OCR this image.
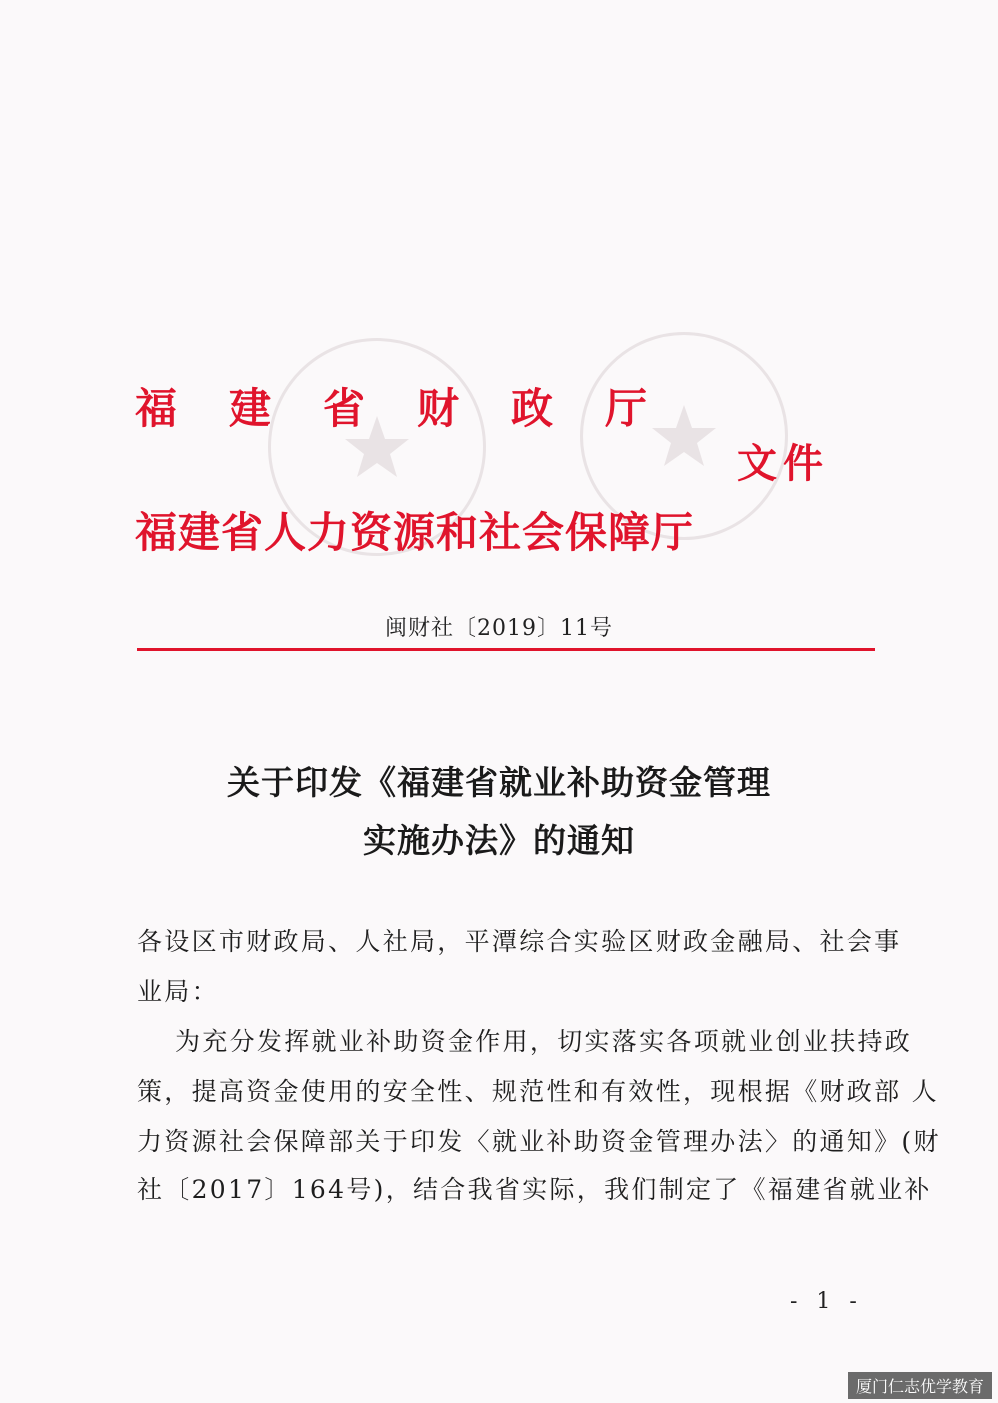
福建省财政厅
文件
福建省人力资源和社会保障厅
闽财社〔2019〕11号
关于印发《福建省就业补助资金管理
实施办法》的通知
各设区市财政局、人社局，平潭综合实验区财政金融局、社会事
业局：
为充分发挥就业补助资金作用，切实落实各项就业创业扶持政
策，提高资金使用的安全性、规范性和有效性，现根据《财政部 人
力资源社会保障部关于印发〈就业补助资金管理办法〉的通知》(财
社〔2017〕164号)，结合我省实际，我们制定了《福建省就业补
- 1 -
厦门仁志优学教育
